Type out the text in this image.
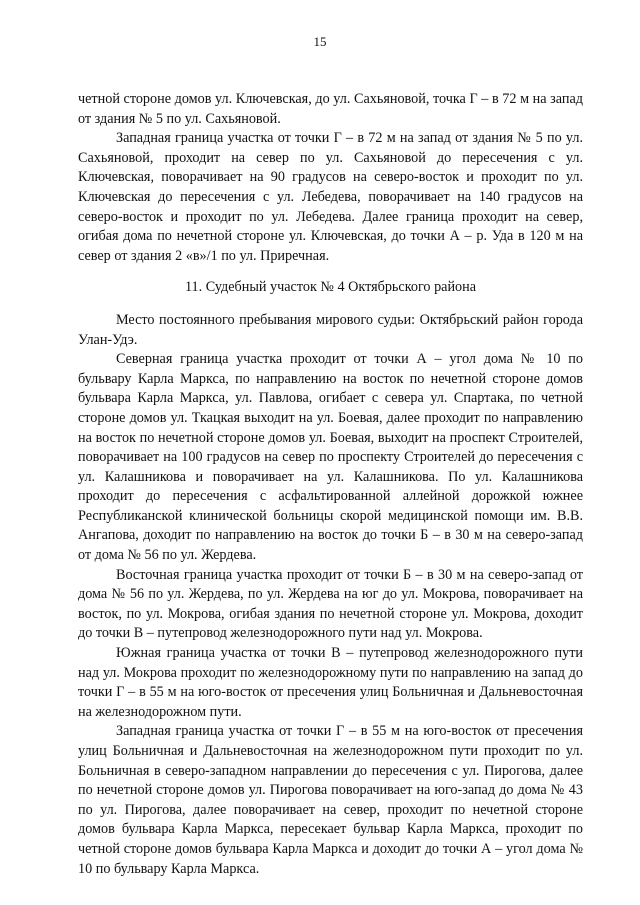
15

четной стороне домов ул. Ключевская, до ул. Сахьяновой, точка Г – в 72 м на запад от здания № 5 по ул. Сахьяновой.

Западная граница участка от точки Г – в 72 м на запад от здания № 5 по ул. Сахьяновой, проходит на север по ул. Сахьяновой до пересечения с ул. Ключевская, поворачивает на 90 градусов на северо-восток и проходит по ул. Ключевская до пересечения с ул. Лебедева, поворачивает на 140 градусов на северо-восток и проходит по ул. Лебедева. Далее граница проходит на север, огибая дома по нечетной стороне ул. Ключевская, до точки А – р. Уда в 120 м на север от здания 2 «в»/1 по ул. Приречная.

11. Судебный участок № 4 Октябрьского района

Место постоянного пребывания мирового судьи: Октябрьский район города Улан-Удэ.

Северная граница участка проходит от точки А – угол дома № 10 по бульвару Карла Маркса, по направлению на восток по нечетной стороне домов бульвара Карла Маркса, ул. Павлова, огибает с севера ул. Спартака, по четной стороне домов ул. Ткацкая выходит на ул. Боевая, далее проходит по направлению на восток по нечетной стороне домов ул. Боевая, выходит на проспект Строителей, поворачивает на 100 градусов на север по проспекту Строителей до пересечения с ул. Калашникова и поворачивает на ул. Калашникова. По ул. Калашникова проходит до пересечения с асфальтированной аллейной дорожкой южнее Республиканской клинической больницы скорой медицинской помощи им. В.В. Ангапова, доходит по направлению на восток до точки Б – в 30 м на северо-запад от дома № 56 по ул. Жердева.

Восточная граница участка проходит от точки Б – в 30 м на северо-запад от дома № 56 по ул. Жердева, по ул. Жердева на юг до ул. Мокрова, поворачивает на восток, по ул. Мокрова, огибая здания по нечетной стороне ул. Мокрова, доходит до точки В – путепровод железнодорожного пути над ул. Мокрова.

Южная граница участка от точки В – путепровод железнодорожного пути над ул. Мокрова проходит по железнодорожному пути по направлению на запад до точки Г – в 55 м на юго-восток от пресечения улиц Больничная и Дальневосточная на железнодорожном пути.

Западная граница участка от точки Г – в 55 м на юго-восток от пресечения улиц Больничная и Дальневосточная на железнодорожном пути проходит по ул. Больничная в северо-западном направлении до пересечения с ул. Пирогова, далее по нечетной стороне домов ул. Пирогова поворачивает на юго-запад до дома № 43 по ул. Пирогова, далее поворачивает на север, проходит по нечетной стороне домов бульвара Карла Маркса, пересекает бульвар Карла Маркса, проходит по четной стороне домов бульвара Карла Маркса и доходит до точки А – угол дома № 10 по бульвару Карла Маркса.
